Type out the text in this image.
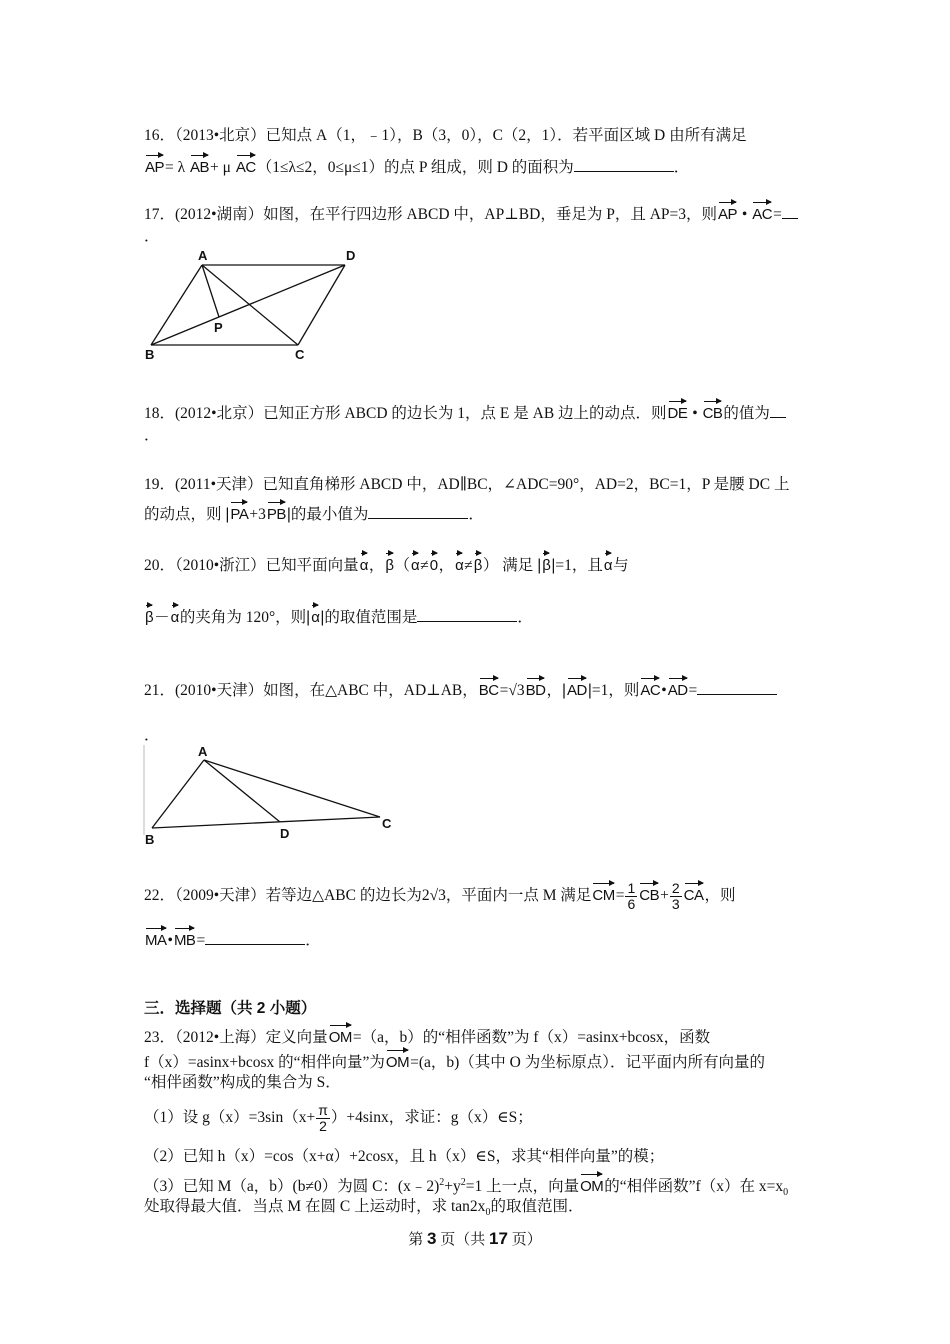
16．（2013•北京）已知点 A（1，﹣1），B（3，0），C（2，1）．若平面区域 D 由所有满足
AP= λ AB+ μ AC（1≤λ≤2，0≤μ≤1）的点 P 组成，则 D 的面积为	．
17．(2012•湖南）如图，在平行四边形 ABCD 中，AP⊥BD，垂足为 P，且 AP=3，则AP • AC=
．
A	D
B	C
P
18．(2012•北京）已知正方形 ABCD 的边长为 1，点 E 是 AB 边上的动点．则DE • CB的值为
．
19．(2011•天津）已知直角梯形 ABCD 中，AD∥BC，∠ADC=90°，AD=2，BC=1，P 是腰 DC 上
的动点，则 |PA+3PB|的最小值为	．
20．（2010•浙江）已知平面向量α，β（α≠0，α≠β） 满足 |β|=1，且α与
β－α的夹角为 120°，则|α|的取值范围是	．
21．(2010•天津）如图，在△ABC 中，AD⊥AB，BC=√3BD，|AD|=1，则AC•AD=
．
A
B
C
D
22．（2009•天津）若等边△ABC 的边长为2√3，平面内一点 M 满足$CM= \frac{1}{6} CB+ \frac{2}{3}$ CA，则
MA•MB=	．
三．选择题（共 2 小题）
23．（2012•上海）定义向量OM=（a，b）的“相伴函数”为 f（x）=asinx+bcosx，函数
f（x）=asinx+bcosx 的“相伴向量”为OM=(a，b)（其中 O 为坐标原点）．记平面内所有向量的
“相伴函数”构成的集合为 S．
（1）设 $g(x)=3\sin(x+ \frac{\pi}{2} )+4\sin x$，求证：g（x）∈S；
（2）已知 h（x）=cos（x+α）+2cosx，且 h（x）∈S，求其“相伴向量”的模；
（3）已知 M（a，b）(b≠0）为圆 C：$(x﹣2)^2+y^2=1$ 上一点，向量OM的“相伴函数”f（x）在 $x=x_0$
处取得最大值．当点 M 在圆 C 上运动时，求 $\tan 2x_0$的取值范围．
第 3 页（共 17 页）
